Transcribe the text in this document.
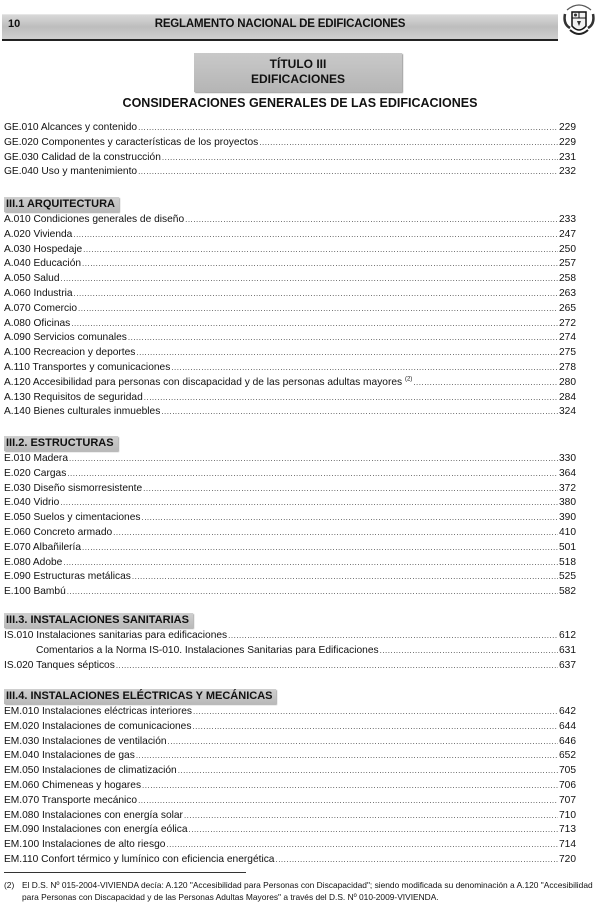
10	REGLAMENTO NACIONAL DE EDIFICACIONES
TÍTULO III
EDIFICACIONES
CONSIDERACIONES GENERALES DE LAS EDIFICACIONES
GE.010 Alcances y contenido .....	229
GE.020 Componentes y características de los proyectos .....	229
GE.030 Calidad de la construcción .....	231
GE.040 Uso y mantenimiento .....	232
III.1 ARQUITECTURA
A.010 Condiciones generales de diseño .....	233
A.020 Vivienda .....	247
A.030 Hospedaje .....	250
A.040 Educación .....	257
A.050 Salud .....	258
A.060 Industria .....	263
A.070 Comercio .....	265
A.080 Oficinas .....	272
A.090 Servicios comunales .....	274
A.100 Recreacion y deportes .....	275
A.110 Transportes y comunicaciones .....	278
A.120 Accesibilidad para personas con discapacidad y de las personas adultas mayores $^{(2)}$ .....	280
A.130 Requisitos de seguridad .....	284
A.140 Bienes culturales inmuebles .....	324
III.2. ESTRUCTURAS
E.010 Madera .....	330
E.020 Cargas .....	364
E.030 Diseño sismorresistente .....	372
E.040 Vidrio .....	380
E.050 Suelos y cimentaciones .....	390
E.060 Concreto armado .....	410
E.070 Albañilería .....	501
E.080 Adobe .....	518
E.090 Estructuras metálicas .....	525
E.100 Bambú .....	582
III.3. INSTALACIONES SANITARIAS
IS.010 Instalaciones sanitarias para edificaciones .....	612
Comentarios a la Norma IS-010. Instalaciones Sanitarias para Edificaciones .....	631
IS.020 Tanques sépticos .....	637
III.4. INSTALACIONES ELÉCTRICAS Y MECÁNICAS
EM.010 Instalaciones eléctricas interiores .....	642
EM.020 Instalaciones de comunicaciones .....	644
EM.030 Instalaciones de ventilación .....	646
EM.040 Instalaciones de gas .....	652
EM.050 Instalaciones de climatización .....	705
EM.060 Chimeneas y hogares .....	706
EM.070 Transporte mecánico .....	707
EM.080 Instalaciones con energía solar .....	710
EM.090 Instalaciones con energía eólica .....	713
EM.100 Instalaciones de alto riesgo .....	714
EM.110 Confort térmico y lumínico con eficiencia energética .....	720
(2) El D.S. Nº 015-2004-VIVIENDA decía: A.120 "Accesibilidad para Personas con Discapacidad"; siendo modificada su denominación a A.120 "Accesibilidad para Personas con Discapacidad y de las Personas Adultas Mayores" a través del D.S. Nº 010-2009-VIVIENDA.
